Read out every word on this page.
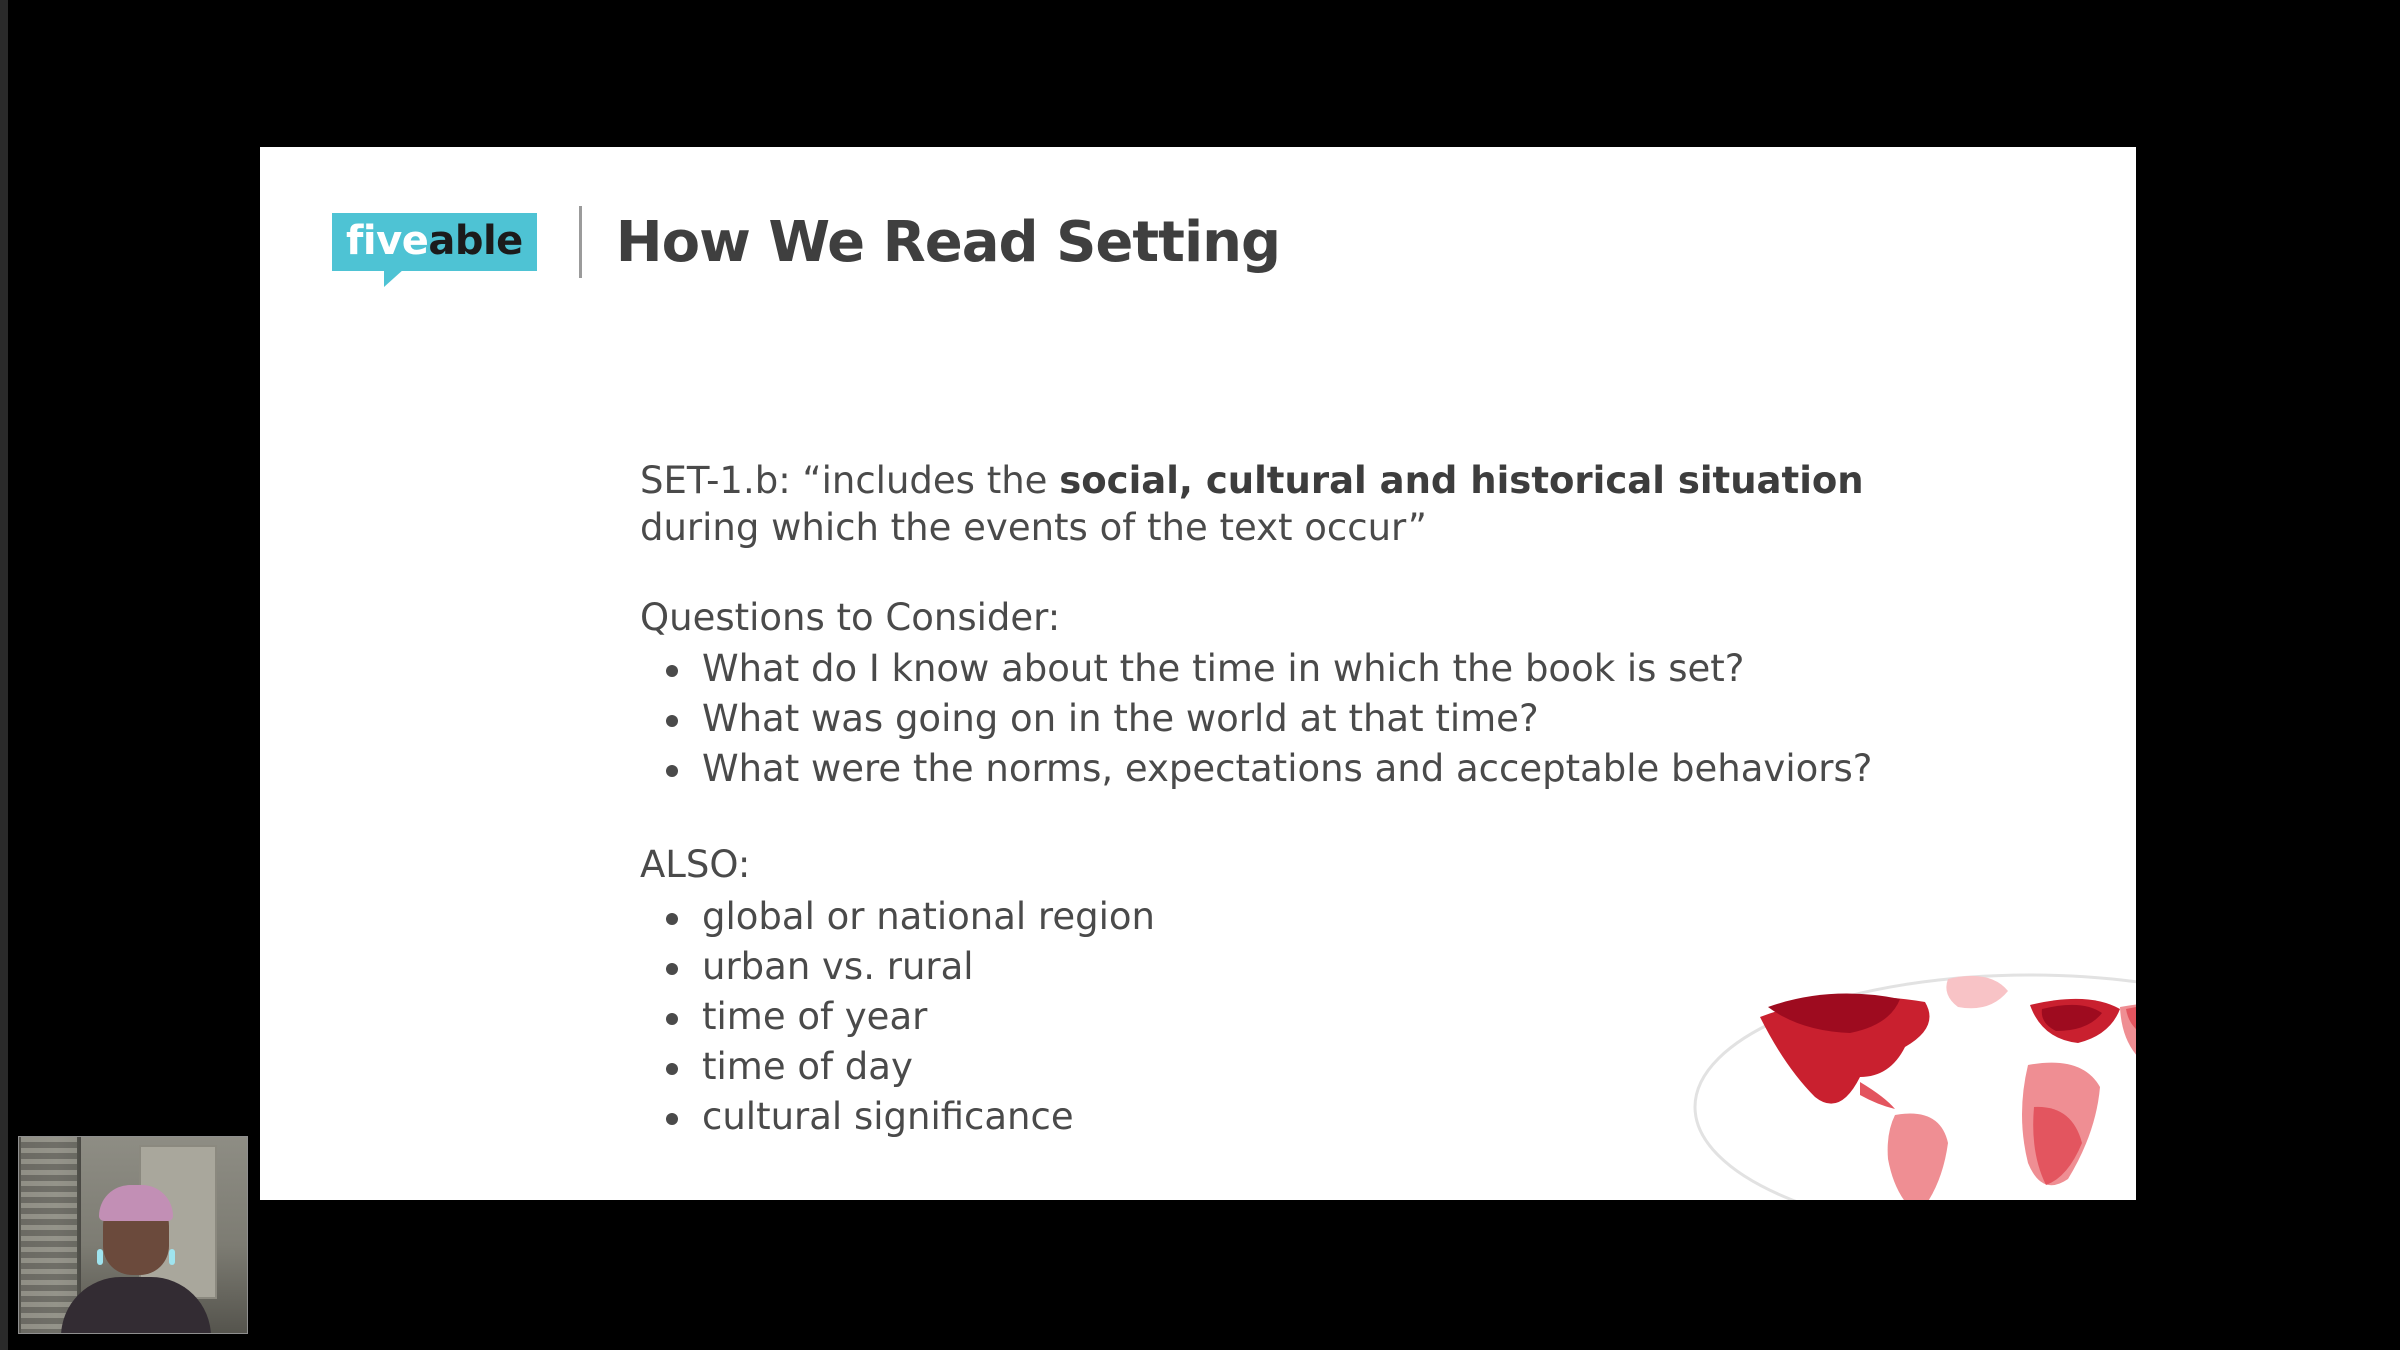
fiveable How We Read Setting

SET-1.b: “includes the social, cultural and historical situation

during which the events of the text occur”

Questions to Consider:

What do I know about the time in which the book is set?
What was going on in the world at that time?
What were the norms, expectations and acceptable behaviors?

ALSO:

global or national region
urban vs. rural
time of year
time of day
cultural significance
